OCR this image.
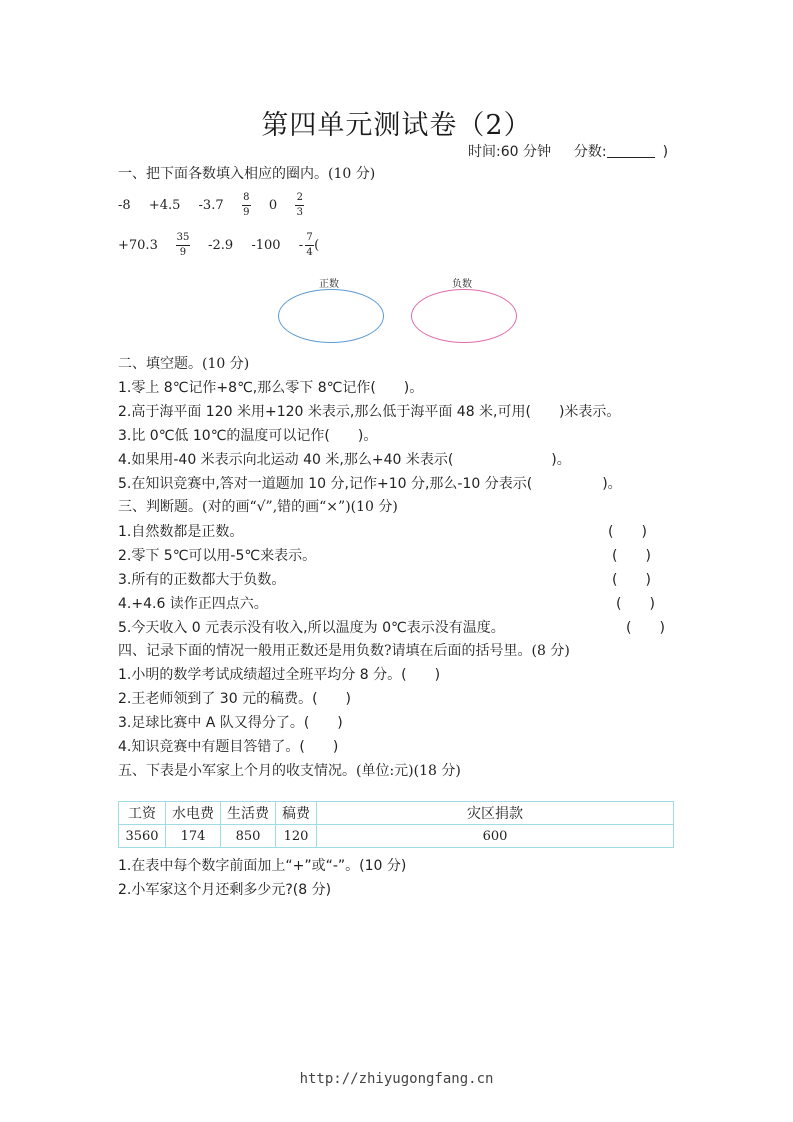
第四单元测试卷（2）
时间:60 分钟 分数:	)
一、把下面各数填入相应的圈内。(10 分)
-8 +4.5 $-3.7 \frac{8}{9} 0 \frac{2}{3}$
$+70.3 \frac{35}{9} -2.9$ $-100 - \frac{7}{4}$ (
正数	负数
二、填空题。(10 分)
1.零上 8℃记作+8℃,那么零下 8℃记作(　　)。
2.高于海平面 120 米用+120 米表示,那么低于海平面 48 米,可用(　　)米表示。
3.比 0℃低 10℃的温度可以记作(　　)。
4.如果用-40 米表示向北运动 40 米,那么+40 米表示(　　　　　　　)。
5.在知识竞赛中,答对一道题加 10 分,记作+10 分,那么-10 分表示(　　　　　)。
三、判断题。(对的画“√”,错的画“×”)(10 分)
1.自然数都是正数。	(　　)
2.零下 5℃可以用-5℃来表示。	(　　)
3.所有的正数都大于负数。	(　　)
4.+4.6 读作正四点六。	(　　)
5.今天收入 0 元表示没有收入,所以温度为 0℃表示没有温度。	(　　)
四、记录下面的情况一般用正数还是用负数?请填在后面的括号里。(8 分)
1.小明的数学考试成绩超过全班平均分 8 分。(　　)
2.王老师领到了 30 元的稿费。(　　)
3.足球比赛中 A 队又得分了。(　　)
4.知识竞赛中有题目答错了。(　　)
五、下表是小军家上个月的收支情况。(单位:元)(18 分)
工资	水电费	生活费	稿费	灾区捐款
3560	174	850	120	600
1.在表中每个数字前面加上“+”或“-”。(10 分)
2.小军家这个月还剩多少元?(8 分)
http://zhiyugongfang.cn
